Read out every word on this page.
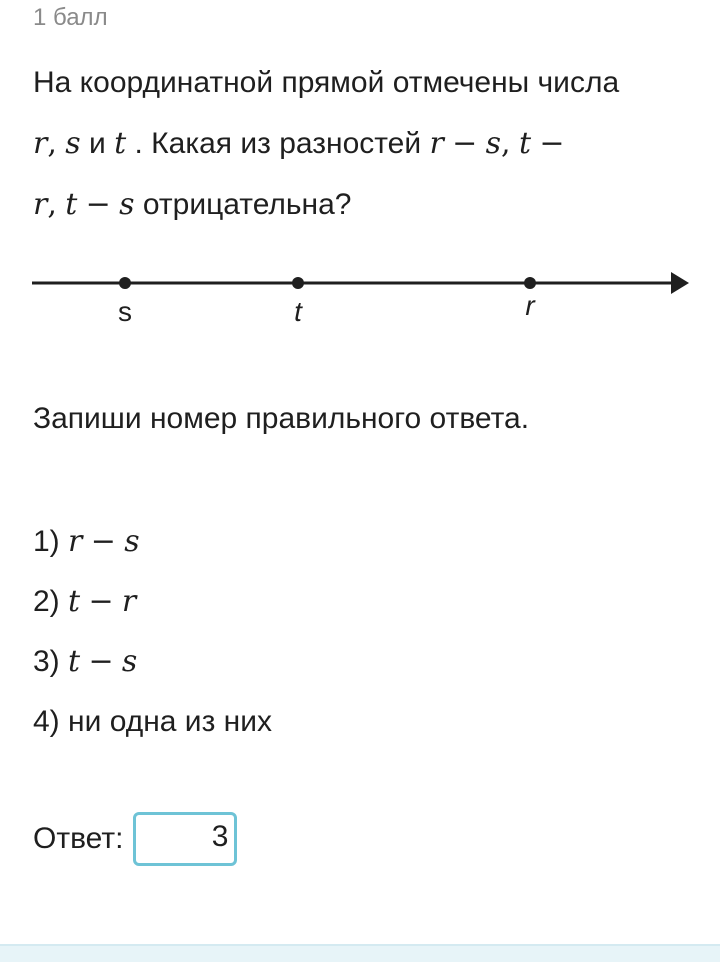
1 балл
На координатной прямой отмечены числа
r, s и t . Какая из разностей r − s, t −
r, t − s отрицательна?
s	t	r
Запиши номер правильного ответа.
1) r − s
2) t − r
3) t − s
4) ни одна из них
Ответ:
3
